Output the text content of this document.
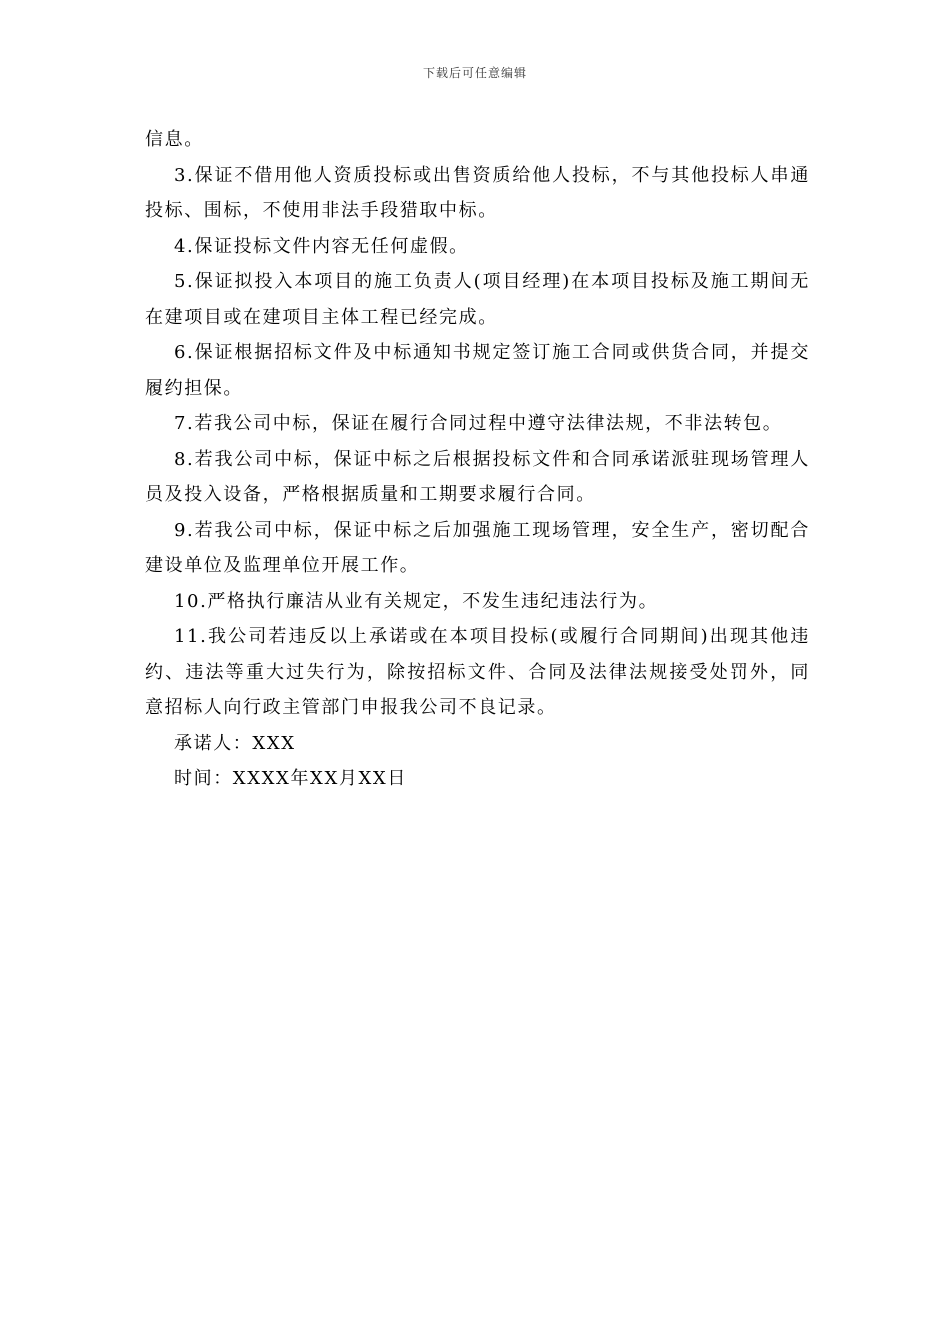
下载后可任意编辑

信息。

3.保证不借用他人资质投标或出售资质给他人投标，不与其他投标人串通投标、围标，不使用非法手段猎取中标。

4.保证投标文件内容无任何虚假。

5.保证拟投入本项目的施工负责人(项目经理)在本项目投标及施工期间无在建项目或在建项目主体工程已经完成。

6.保证根据招标文件及中标通知书规定签订施工合同或供货合同，并提交履约担保。

7.若我公司中标，保证在履行合同过程中遵守法律法规，不非法转包。

8.若我公司中标，保证中标之后根据投标文件和合同承诺派驻现场管理人员及投入设备，严格根据质量和工期要求履行合同。

9.若我公司中标，保证中标之后加强施工现场管理，安全生产，密切配合建设单位及监理单位开展工作。

10.严格执行廉洁从业有关规定，不发生违纪违法行为。

11.我公司若违反以上承诺或在本项目投标(或履行合同期间)出现其他违约、违法等重大过失行为，除按招标文件、合同及法律法规接受处罚外，同意招标人向行政主管部门申报我公司不良记录。

承诺人：XXX

时间：XXXX年XX月XX日
